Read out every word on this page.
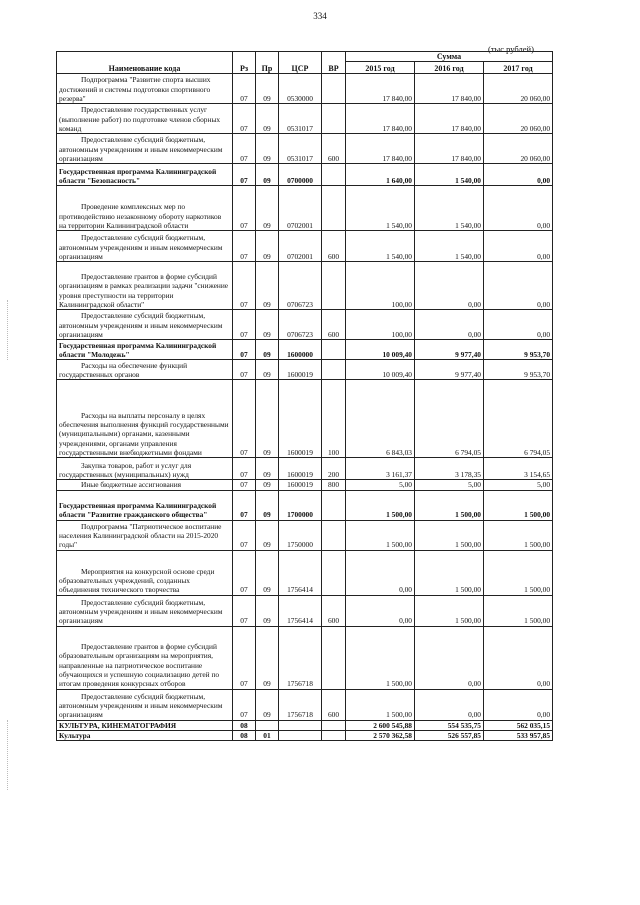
334
(тыс.рублей)
Наименование кода	Рз	Пр	ЦСР	ВР	Сумма		
					2015 год	2016 год	2017 год
Подпрограмма "Развитие спорта высших достижений и системы подготовки спортивного резерва"	07	09	0530000		17 840,00	17 840,00	20 060,00
Предоставление государственных услуг (выполнение работ) по подготовке членов сборных команд	07	09	0531017		17 840,00	17 840,00	20 060,00
Предоставление субсидий бюджетным, автономным учреждениям и иным некоммерческим организациям	07	09	0531017	600	17 840,00	17 840,00	20 060,00
Государственная программа Калининградской области "Безопасность"	07	09	0700000		1 640,00	1 540,00	0,00
Проведение комплексных мер по противодействию незаконному обороту наркотиков на территории Калининградской области	07	09	0702001		1 540,00	1 540,00	0,00
Предоставление субсидий бюджетным, автономным учреждениям и иным некоммерческим организациям	07	09	0702001	600	1 540,00	1 540,00	0,00
Предоставление грантов в форме субсидий организациям в рамках реализации задачи "снижение уровня преступности на территории Калининградской области"	07	09	0706723		100,00	0,00	0,00
Предоставление субсидий бюджетным, автономным учреждениям и иным некоммерческим организациям	07	09	0706723	600	100,00	0,00	0,00
Государственная программа Калининградской области "Молодежь"	07	09	1600000		10 009,40	9 977,40	9 953,70
Расходы на обеспечение функций государственных органов	07	09	1600019		10 009,40	9 977,40	9 953,70
Расходы на выплаты персоналу в целях обеспечения выполнения функций государственными (муниципальными) органами, казенными учреждениями, органами управления государственными внебюджетными фондами	07	09	1600019	100	6 843,03	6 794,05	6 794,05
Закупка товаров, работ и услуг для государственных (муниципальных) нужд	07	09	1600019	200	3 161,37	3 178,35	3 154,65
Иные бюджетные ассигнования	07	09	1600019	800	5,00	5,00	5,00
Государственная программа Калининградской области "Развитие гражданского общества"	07	09	1700000		1 500,00	1 500,00	1 500,00
Подпрограмма "Патриотическое воспитание населения Калининградской области на 2015-2020 годы"	07	09	1750000		1 500,00	1 500,00	1 500,00
Мероприятия на конкурсной основе среди образовательных учреждений, созданных объединения технического творчества	07	09	1756414		0,00	1 500,00	1 500,00
Предоставление субсидий бюджетным, автономным учреждениям и иным некоммерческим организациям	07	09	1756414	600	0,00	1 500,00	1 500,00
Предоставление грантов в форме субсидий образовательным организациям на мероприятия, направленные на патриотическое воспитание обучающихся и успешную социализацию детей по итогам проведения конкурсных отборов	07	09	1756718		1 500,00	0,00	0,00
Предоставление субсидий бюджетным, автономным учреждениям и иным некоммерческим организациям	07	09	1756718	600	1 500,00	0,00	0,00
КУЛЬТУРА, КИНЕМАТОГРАФИЯ	08				2 600 545,88	554 535,75	562 035,15
Культура	08	01			2 570 362,58	526 557,85	533 957,85
